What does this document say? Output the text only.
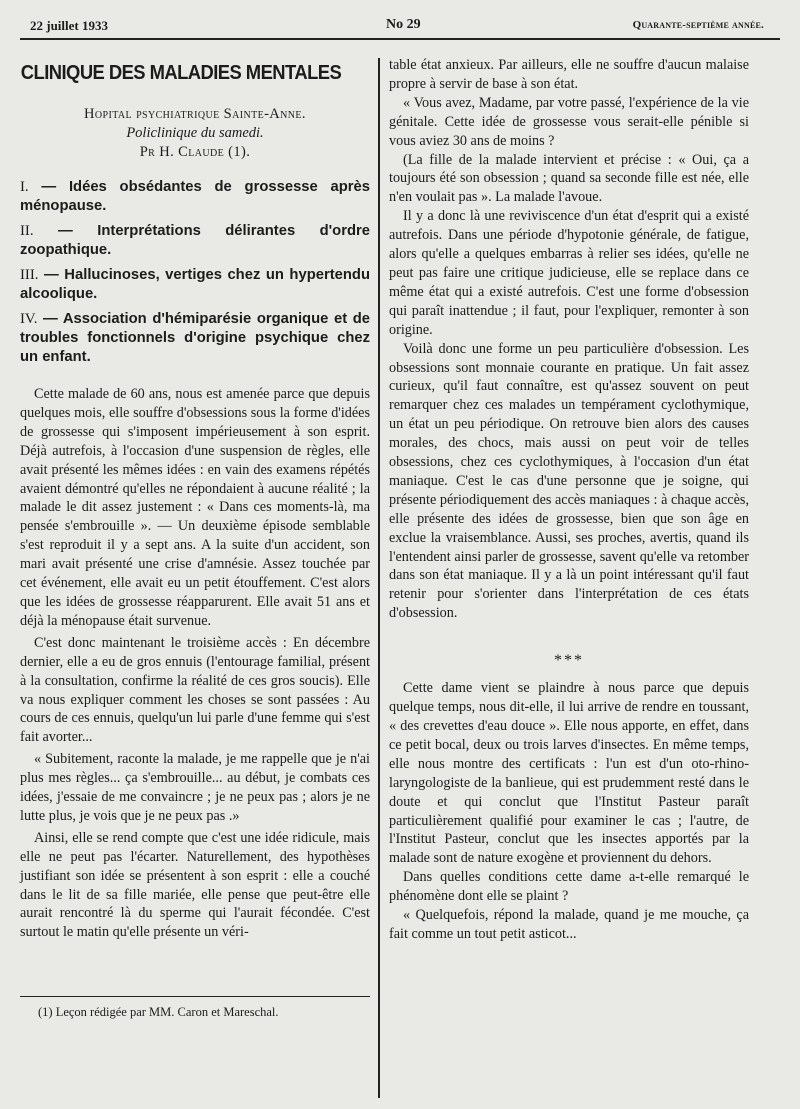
22 juillet 1933	No 29	Quarante-septième année.
CLINIQUE DES MALADIES MENTALES
Hopital psychiatrique Sainte-Anne.
Policlinique du samedi.
Pr H. Claude (1).
I. — Idées obsédantes de grossesse après ménopause.
II. — Interprétations délirantes d'ordre zoopathique.
III. — Hallucinoses, vertiges chez un hypertendu alcoolique.
IV. — Association d'hémiparésie organique et de troubles fonctionnels d'origine psychique chez un enfant.

Cette malade de 60 ans, nous est amenée parce que depuis quelques mois, elle souffre d'obsessions sous la forme d'idées de grossesse qui s'imposent impérieusement à son esprit. Déjà autrefois, à l'occasion d'une suspension de règles, elle avait présenté les mêmes idées : en vain des examens répétés avaient démontré qu'elles ne répondaient à aucune réalité ; la malade le dit assez justement : « Dans ces moments-là, ma pensée s'embrouille ». — Un deuxième épisode semblable s'est reproduit il y a sept ans. A la suite d'un accident, son mari avait présenté une crise d'amnésie. Assez touchée par cet événement, elle avait eu un petit étouffement. C'est alors que les idées de grossesse réapparurent. Elle avait 51 ans et déjà la ménopause était survenue.

C'est donc maintenant le troisième accès : En décembre dernier, elle a eu de gros ennuis (l'entourage familial, présent à la consultation, confirme la réalité de ces gros soucis). Elle va nous expliquer comment les choses se sont passées : Au cours de ces ennuis, quelqu'un lui parle d'une femme qui s'est fait avorter...

« Subitement, raconte la malade, je me rappelle que je n'ai plus mes règles... ça s'embrouille... au début, je combats ces idées, j'essaie de me convaincre ; je ne peux pas ; alors je ne lutte plus, je vois que je ne peux pas .»

Ainsi, elle se rend compte que c'est une idée ridicule, mais elle ne peut pas l'écarter. Naturellement, des hypothèses justifiant son idée se présentent à son esprit : elle a couché dans le lit de sa fille mariée, elle pense que peut-être elle aurait rencontré là du sperme qui l'aurait fécondée. C'est surtout le matin qu'elle présente un véri-

(1) Leçon rédigée par MM. Caron et Mareschal.

table état anxieux. Par ailleurs, elle ne souffre d'aucun malaise propre à servir de base à son état.

« Vous avez, Madame, par votre passé, l'expérience de la vie génitale. Cette idée de grossesse vous serait-elle pénible si vous aviez 30 ans de moins ?

(La fille de la malade intervient et précise : « Oui, ça a toujours été son obsession ; quand sa seconde fille est née, elle n'en voulait pas ». La malade l'avoue.

Il y a donc là une reviviscence d'un état d'esprit qui a existé autrefois. Dans une période d'hypotonie générale, de fatigue, alors qu'elle a quelques embarras à relier ses idées, qu'elle ne peut pas faire une critique judicieuse, elle se replace dans ce même état qui a existé autrefois. C'est une forme d'obsession qui paraît inattendue ; il faut, pour l'expliquer, remonter à son origine.

Voilà donc une forme un peu particulière d'obsession. Les obsessions sont monnaie courante en pratique. Un fait assez curieux, qu'il faut connaître, est qu'assez souvent on peut remarquer chez ces malades un tempérament cyclothymique, un état un peu périodique. On retrouve bien alors des causes morales, des chocs, mais aussi on peut voir de telles obsessions, chez ces cyclothymiques, à l'occasion d'un état maniaque. C'est le cas d'une personne que je soigne, qui présente périodiquement des accès maniaques : à chaque accès, elle présente des idées de grossesse, bien que son âge en exclue la vraisemblance. Aussi, ses proches, avertis, quand ils l'entendent ainsi parler de grossesse, savent qu'elle va retomber dans son état maniaque. Il y a là un point intéressant qu'il faut retenir pour s'orienter dans l'interprétation de ces états d'obsession.

***

Cette dame vient se plaindre à nous parce que depuis quelque temps, nous dit-elle, il lui arrive de rendre en toussant, « des crevettes d'eau douce ». Elle nous apporte, en effet, dans ce petit bocal, deux ou trois larves d'insectes. En même temps, elle nous montre des certificats : l'un est d'un oto-rhino-laryngologiste de la banlieue, qui est prudemment resté dans le doute et qui conclut que l'Institut Pasteur paraît particulièrement qualifié pour examiner le cas ; l'autre, de l'Institut Pasteur, conclut que les insectes apportés par la malade sont de nature exogène et proviennent du dehors.

Dans quelles conditions cette dame a-t-elle remarqué le phénomène dont elle se plaint ?

« Quelquefois, répond la malade, quand je me mouche, ça fait comme un tout petit asticot...
